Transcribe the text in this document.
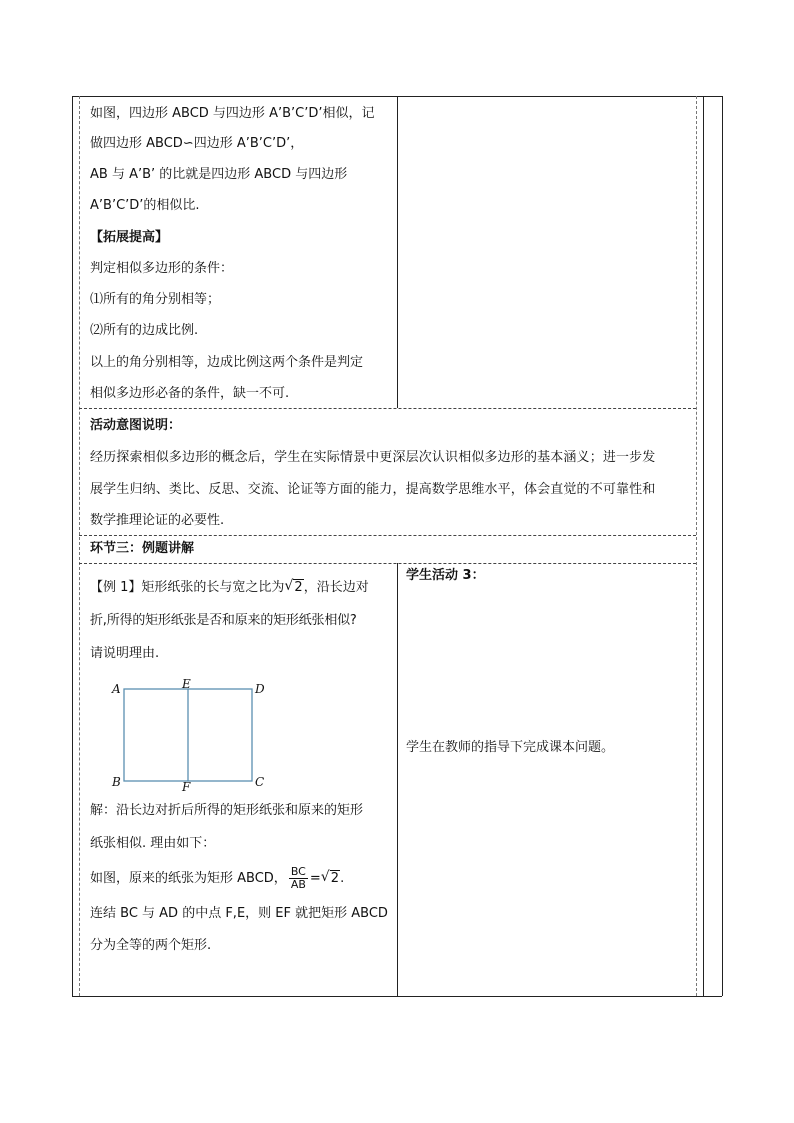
如图，四边形 ABCD 与四边形 A’B’C’D’相似，记
做四边形 ABCD∽四边形 A’B’C’D’，
AB 与 A’B’ 的比就是四边形 ABCD 与四边形
A’B’C’D’的相似比.
【拓展提高】
判定相似多边形的条件：
⑴所有的角分别相等；
⑵所有的边成比例.
以上的角分别相等，边成比例这两个条件是判定
相似多边形必备的条件，缺一不可.
活动意图说明：
经历探索相似多边形的概念后，学生在实际情景中更深层次认识相似多边形的基本涵义；进一步发
展学生归纳、类比、反思、交流、论证等方面的能力，提高数学思维水平，体会直觉的不可靠性和
数学推理论证的必要性.
环节三：例题讲解
【例 1】矩形纸张的长与宽之比为 √ 2，沿长边对
折,所得的矩形纸张是否和原来的矩形纸张相似?
请说明理由.
A	E	D
B	F	C
解：沿长边对折后所得的矩形纸张和原来的矩形
纸张相似. 理由如下：
如图，原来的纸张为矩形 ABCD， $\frac{BC}{AB}$ = √ 2.
连结 BC 与 AD 的中点 F,E，则 EF 就把矩形 ABCD
分为全等的两个矩形.
学生活动 3：
学生在教师的指导下完成课本问题。
